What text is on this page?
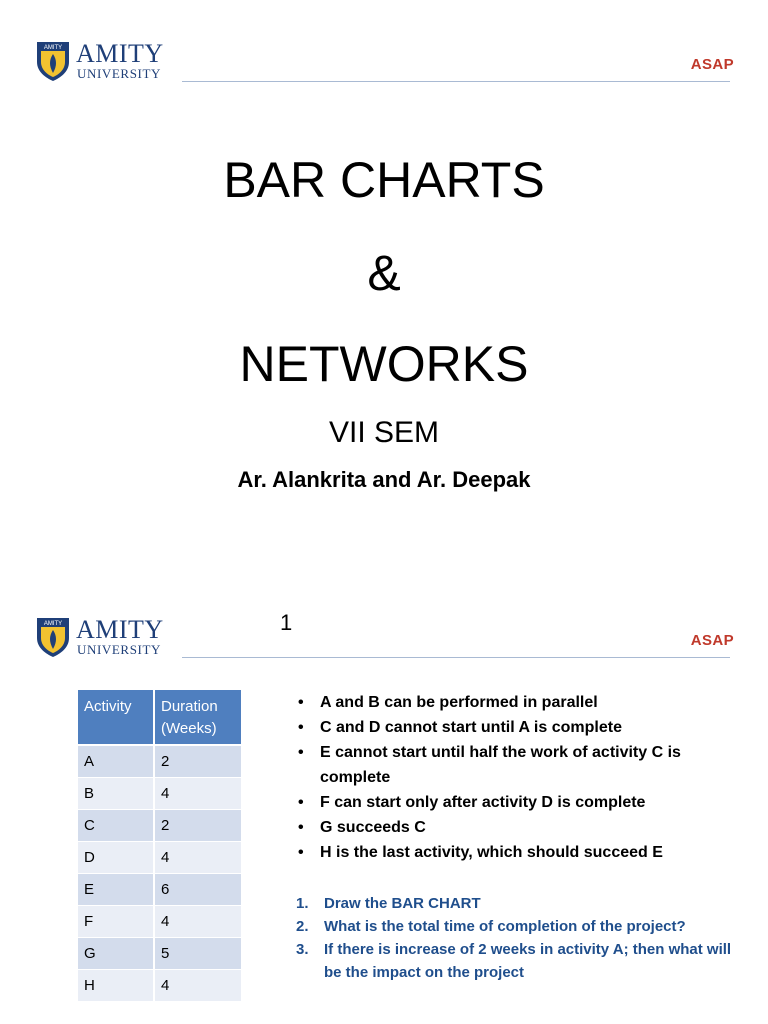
AMITY AMITY
UNIVERSITY
ASAP
BAR CHARTS
&
NETWORKS
VII SEM
Ar. Alankrita and Ar. Deepak
AMITY AMITY
UNIVERSITY
ASAP
1
Activity	Duration (Weeks)
A	2
B	4
C	2
D	4
E	6
F	4
G	5
H	4
• A and B can be performed in parallel
• C and D cannot start until A is complete
• E cannot start until half the work of activity C is complete
• F can start only after activity D is complete
• G succeeds C
• H is the last activity, which should succeed E
1. Draw the BAR CHART
2. What is the total time of completion of the project?
3. If there is increase of 2 weeks in activity A; then what will be the impact on the project
